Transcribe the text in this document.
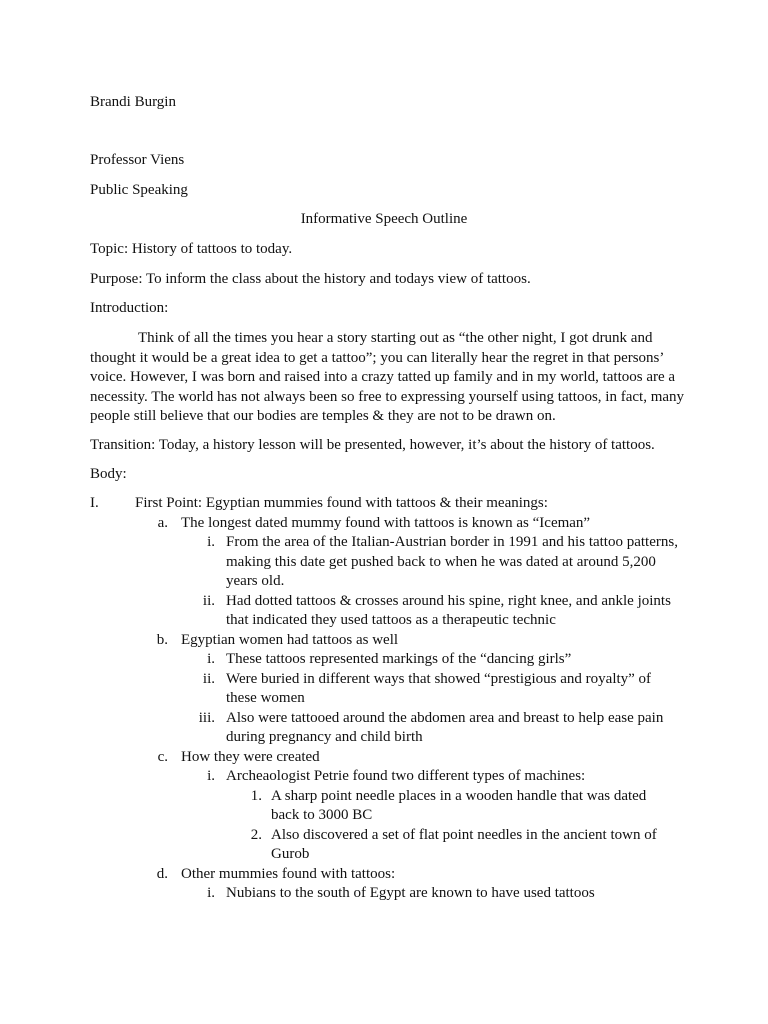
Brandi Burgin
Professor Viens
Public Speaking
Informative Speech Outline
Topic: History of tattoos to today.
Purpose: To inform the class about the history and todays view of tattoos.
Introduction:
Think of all the times you hear a story starting out as “the other night, I got drunk and thought it would be a great idea to get a tattoo”; you can literally hear the regret in that persons’ voice. However, I was born and raised into a crazy tatted up family and in my world, tattoos are a necessity. The world has not always been so free to expressing yourself using tattoos, in fact, many people still believe that our bodies are temples & they are not to be drawn on.
Transition: Today, a history lesson will be presented, however, it’s about the history of tattoos.
Body:
I.	First Point: Egyptian mummies found with tattoos & their meanings:
a. The longest dated mummy found with tattoos is known as “Iceman”
i. From the area of the Italian-Austrian border in 1991 and his tattoo patterns, making this date get pushed back to when he was dated at around 5,200 years old.
ii. Had dotted tattoos & crosses around his spine, right knee, and ankle joints that indicated they used tattoos as a therapeutic technic
b. Egyptian women had tattoos as well
i. These tattoos represented markings of the “dancing girls”
ii. Were buried in different ways that showed “prestigious and royalty” of these women
iii. Also were tattooed around the abdomen area and breast to help ease pain during pregnancy and child birth
c. How they were created
i. Archeaologist Petrie found two different types of machines:
1. A sharp point needle places in a wooden handle that was dated back to 3000 BC
2. Also discovered a set of flat point needles in the ancient town of Gurob
d. Other mummies found with tattoos:
i. Nubians to the south of Egypt are known to have used tattoos
